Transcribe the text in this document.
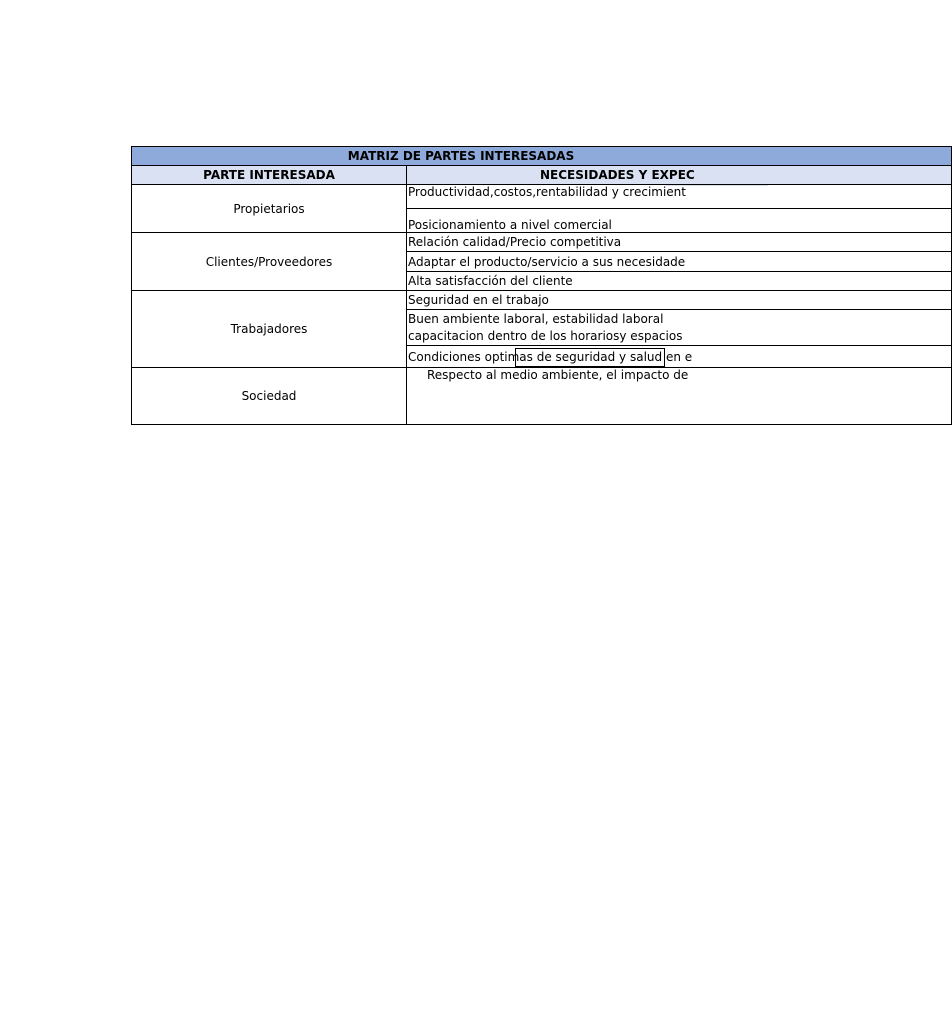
MATRIZ DE PARTES INTERESADAS	
PARTE INTERESADA	NECESIDADES Y EXPEC
Propietarios	Productividad,costos,rentabilidad y crecimient
	Posicionamiento a nivel comercial
Clientes/Proveedores	Relación calidad/Precio competitiva
	Adaptar el producto/servicio a sus necesidade
	Alta satisfacción del cliente
Trabajadores	Seguridad en el trabajo
	Buen ambiente laboral, estabilidad laboral
	capacitacion dentro de los horariosy espacios

	Condiciones optimas de seguridad y salud en e

Sociedad	Respecto al medio ambiente, el impacto de
